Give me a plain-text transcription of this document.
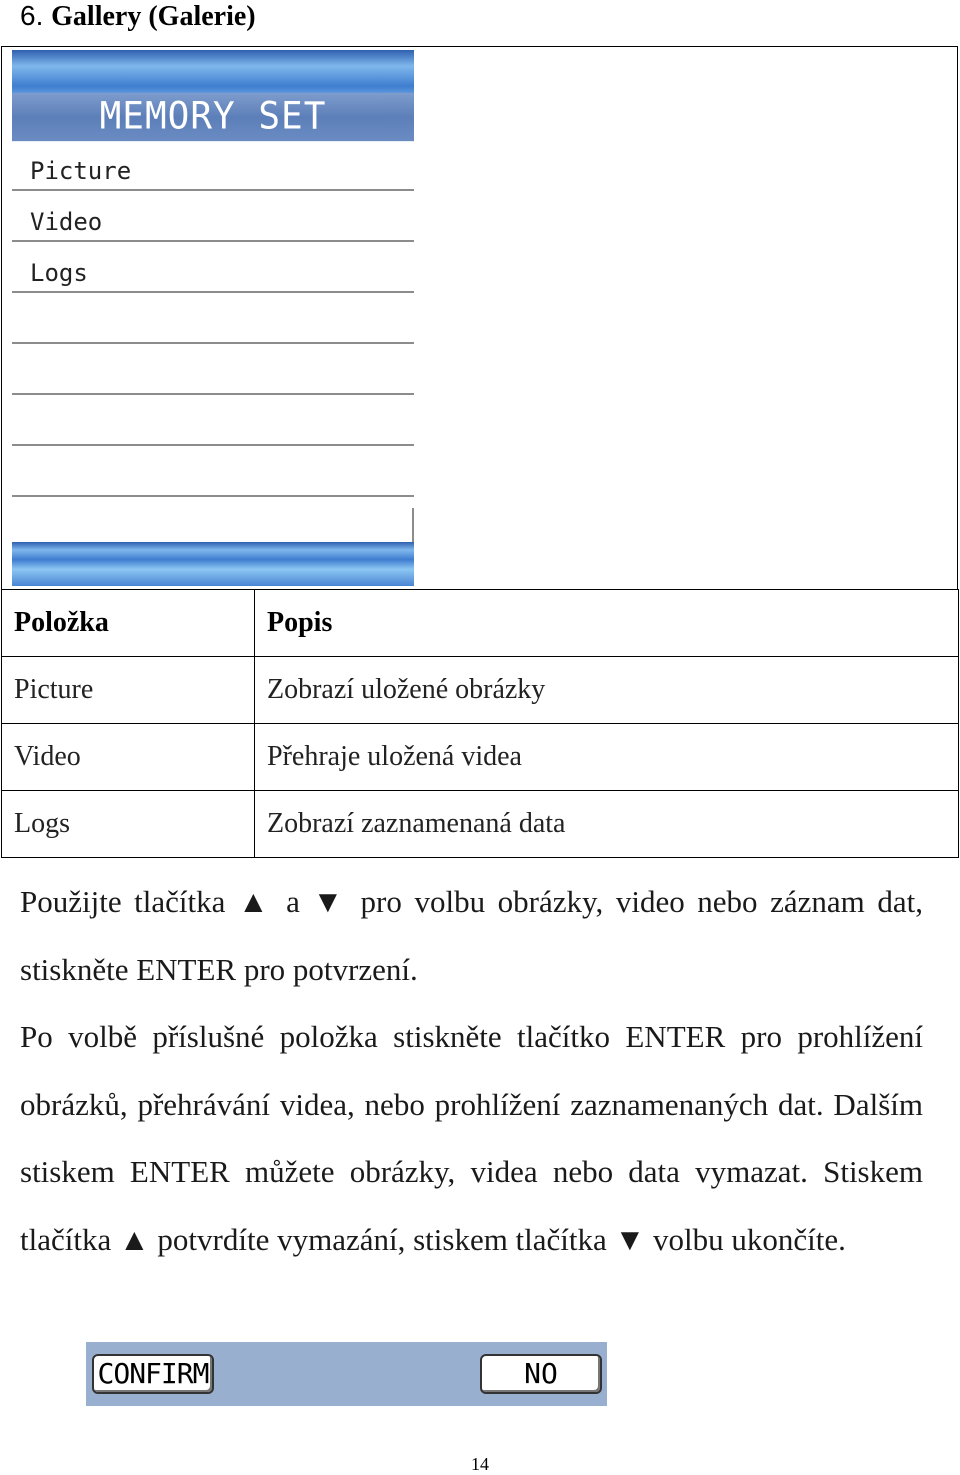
6. Gallery (Galerie)
MEMORY SET
Picture
Video
Logs
Položka	Popis
Picture	Zobrazí uložené obrázky
Video	Přehraje uložená videa
Logs	Zobrazí zaznamenaná data
Použijte tlačítka ▲ a ▼ pro volbu obrázky, video nebo záznam dat, stiskněte ENTER pro potvrzení.
Po volbě příslušné položka stiskněte tlačítko ENTER pro prohlížení obrázků, přehrávání videa, nebo prohlížení zaznamenaných dat. Dalším stiskem ENTER můžete obrázky, videa nebo data vymazat. Stiskem tlačítka ▲ potvrdíte vymazání, stiskem tlačítka ▼ volbu ukončíte.
CONFIRM	NO
14
